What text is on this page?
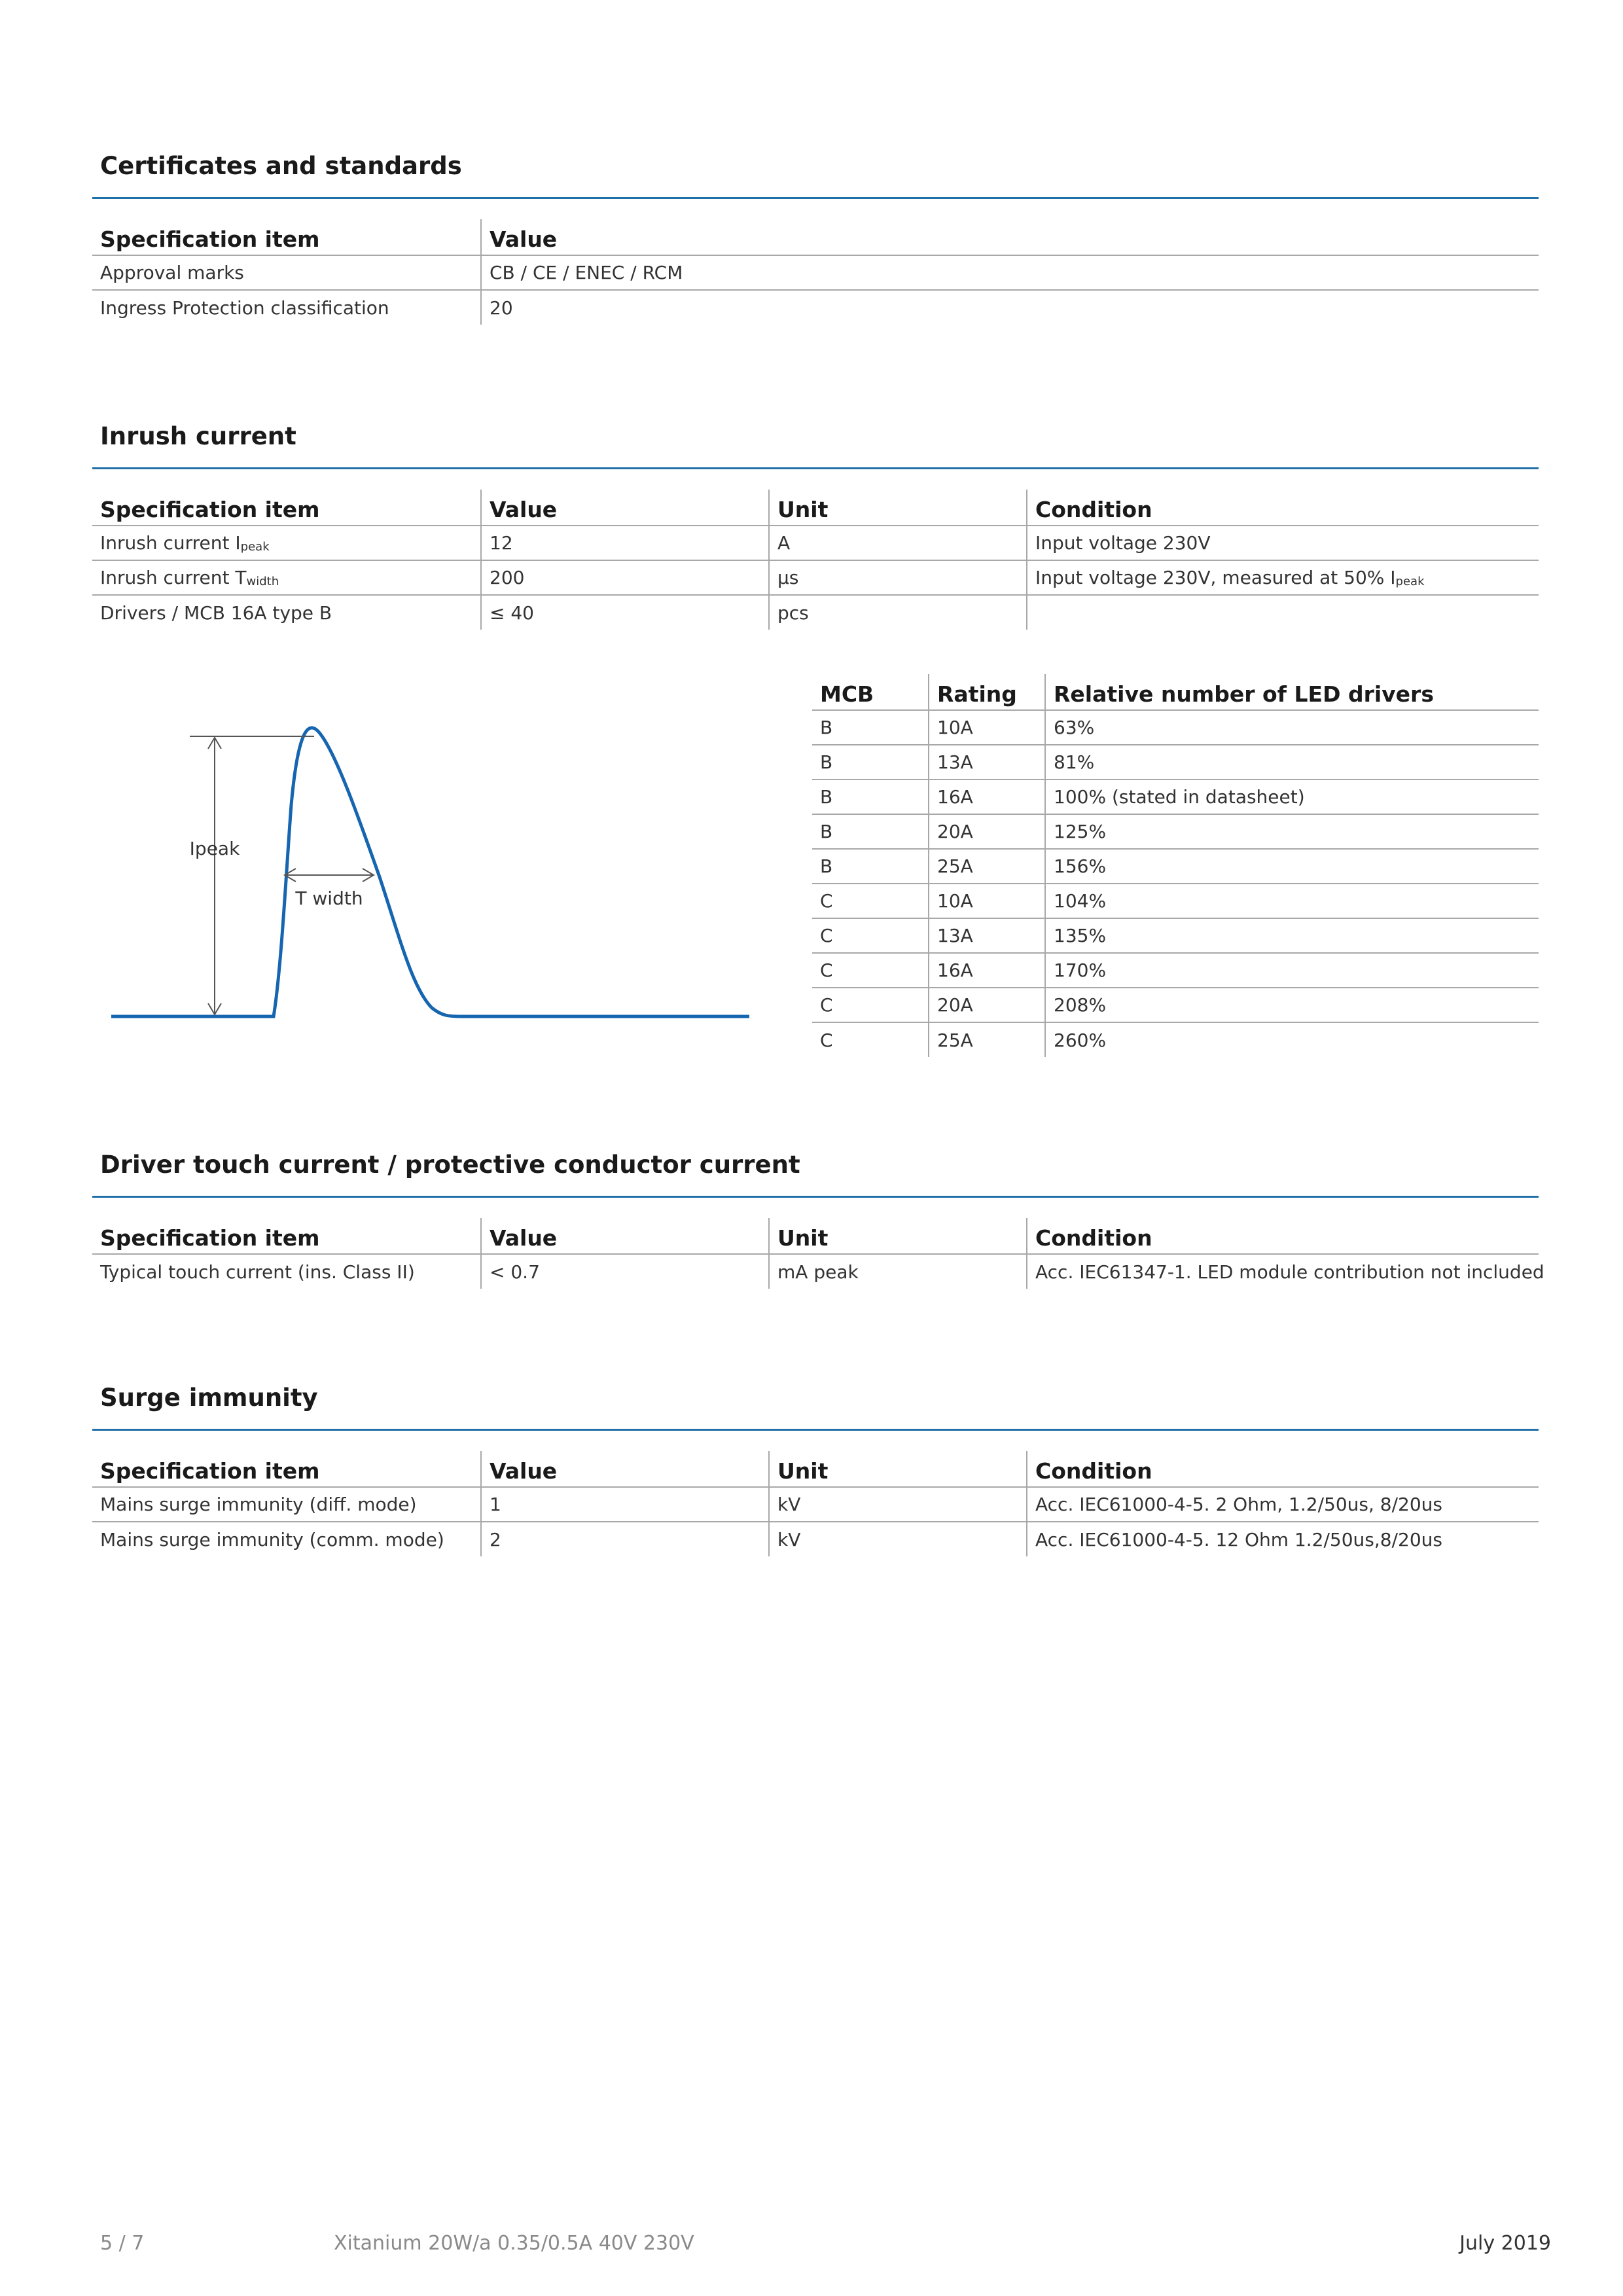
Certificates and standards
Specification item	Value
Approval marks	CB / CE / ENEC / RCM
Ingress Protection classification	20
Inrush current
Specification item	Value	Unit	Condition
Inrush current $I_{peak}$	12	A	Input voltage 230V
Inrush current $T_{width}$	200	µs	Input voltage 230V, measured at 50% $I_{peak}$
Drivers / MCB 16A type B	≤ 40	pcs	
Ipeak
T width
MCB	Rating	Relative number of LED drivers
B	10A	63%
B	13A	81%
B	16A	100% (stated in datasheet)
B	20A	125%
B	25A	156%
C	10A	104%
C	13A	135%
C	16A	170%
C	20A	208%
C	25A	260%
Driver touch current / protective conductor current
Specification item	Value	Unit	Condition
Typical touch current (ins. Class II)	< 0.7	mA peak	Acc. IEC61347-1. LED module contribution not included
Surge immunity
Specification item	Value	Unit	Condition
Mains surge immunity (diff. mode)	1	kV	Acc. IEC61000-4-5. 2 Ohm, 1.2/50us, 8/20us
Mains surge immunity (comm. mode)	2	kV	Acc. IEC61000-4-5. 12 Ohm 1.2/50us,8/20us
5 / 7	Xitanium 20W/a 0.35/0.5A 40V 230V	July 2019
